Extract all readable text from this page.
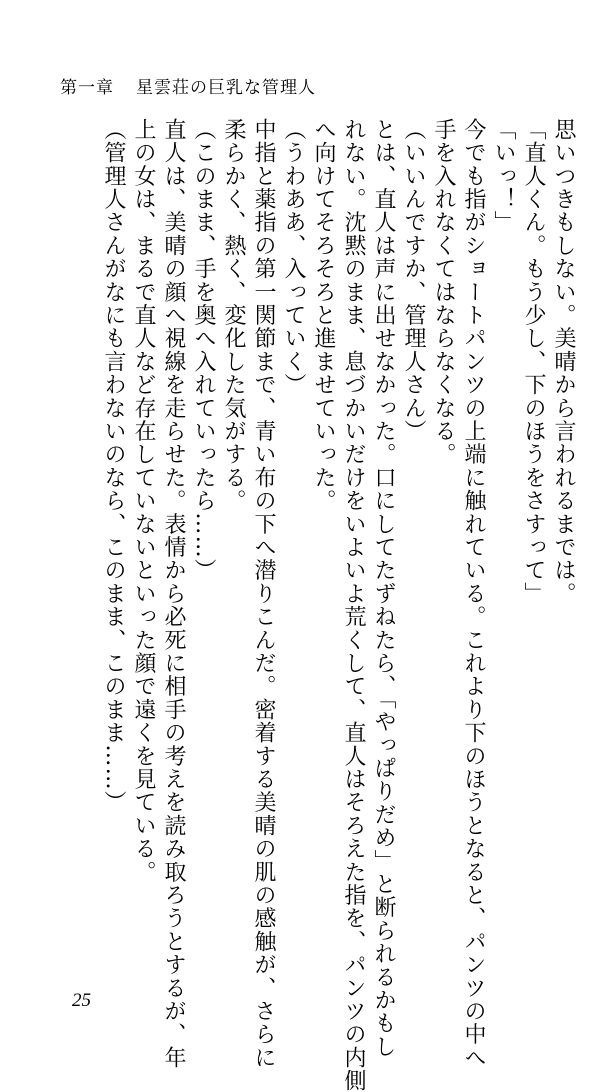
第一章 星雲荘の巨乳な管理人
思いつきもしない。美晴から言われるまでは。
「直人くん。もう少し、下のほうをさすって」
「いっ！」
今でも指がショートパンツの上端に触れている。これより下のほうとなると、パンツの中へ
手を入れなくてはならなくなる。
（いいんですか、管理人さん）
とは、直人は声に出せなかった。口にしてたずねたら、「やっぱりだめ」と断られるかもし
れない。沈黙のまま、息づかいだけをいよいよ荒くして、直人はそろえた指を、パンツの内側
へ向けてそろそろと進ませていった。
（うわああ、入っていく）
中指と薬指の第一関節まで、青い布の下へ潜りこんだ。密着する美晴の肌の感触が、さらに
柔らかく、熱く、変化した気がする。
（このまま、手を奥へ入れていったら……）
直人は、美晴の顔へ視線を走らせた。表情から必死に相手の考えを読み取ろうとするが、年
上の女は、まるで直人など存在していないといった顔で遠くを見ている。
（管理人さんがなにも言わないのなら、このまま、このまま……）
25
